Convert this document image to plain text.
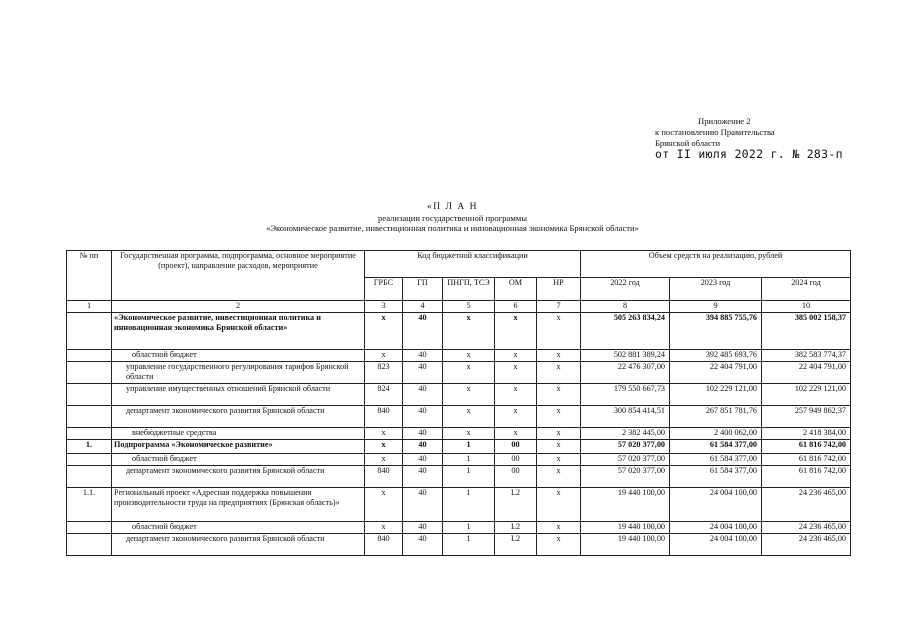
Приложение 2
к постановлению Правительства
Брянской области
от II июля 2022 г. № 283-п
«П Л А Н
реализации государственной программы
«Экономическое развитие, инвестиционная политика и инновационная экономика Брянской области»
№ пп	Государственная программа, подпрограмма, основное мероприятие (проект), направление расходов, мероприятие	Код бюджетной классификации					Объем средств на реализацию, рублей		
		ГРБС	ГП	ПНГП, ТСЭ	ОМ	НР	2022 год	2023 год	2024 год
1	2	3	4	5	6	7	8	9	10
	«Экономическое развитие, инвестиционная политика и инновационная экономика Брянской области»	х	40	х	х	х	505 263 834,24	394 885 755,76	385 002 158,37
	областной бюджет	х	40	х	х	х	502 881 389,24	392 485 693,76	382 583 774,37
	управление государственного регулирования тарифов Брянской области	823	40	х	х	х	22 476 307,00	22 404 791,00	22 404 791,00
	управление имущественных отношений Брянской области	824	40	х	х	х	179 550 667,73	102 229 121,00	102 229 121,00
	департамент экономического развития Брянской области	840	40	х	х	х	300 854 414,51	267 851 781,76	257 949 862,37
	внебюджетные средства	х	40	х	х	х	2 382 445,00	2 400 062,00	2 418 384,00
1.	Подпрограмма «Экономическое развитие»	х	40	1	00	х	57 020 377,00	61 584 377,00	61 816 742,00
	областной бюджет	х	40	1	00	х	57 020 377,00	61 584 377,00	61 816 742,00
	департамент экономического развития Брянской области	840	40	1	00	х	57 020 377,00	61 584 377,00	61 816 742,00
1.1.	Региональный проект «Адресная поддержка повышения производительности труда на предприятиях (Брянская область)»	х	40	1	L2	х	19 440 100,00	24 004 100,00	24 236 465,00
	областной бюджет	х	40	1	L2	х	19 440 100,00	24 004 100,00	24 236 465,00
	департамент экономического развития Брянской области	840	40	1	L2	х	19 440 100,00	24 004 100,00	24 236 465,00
